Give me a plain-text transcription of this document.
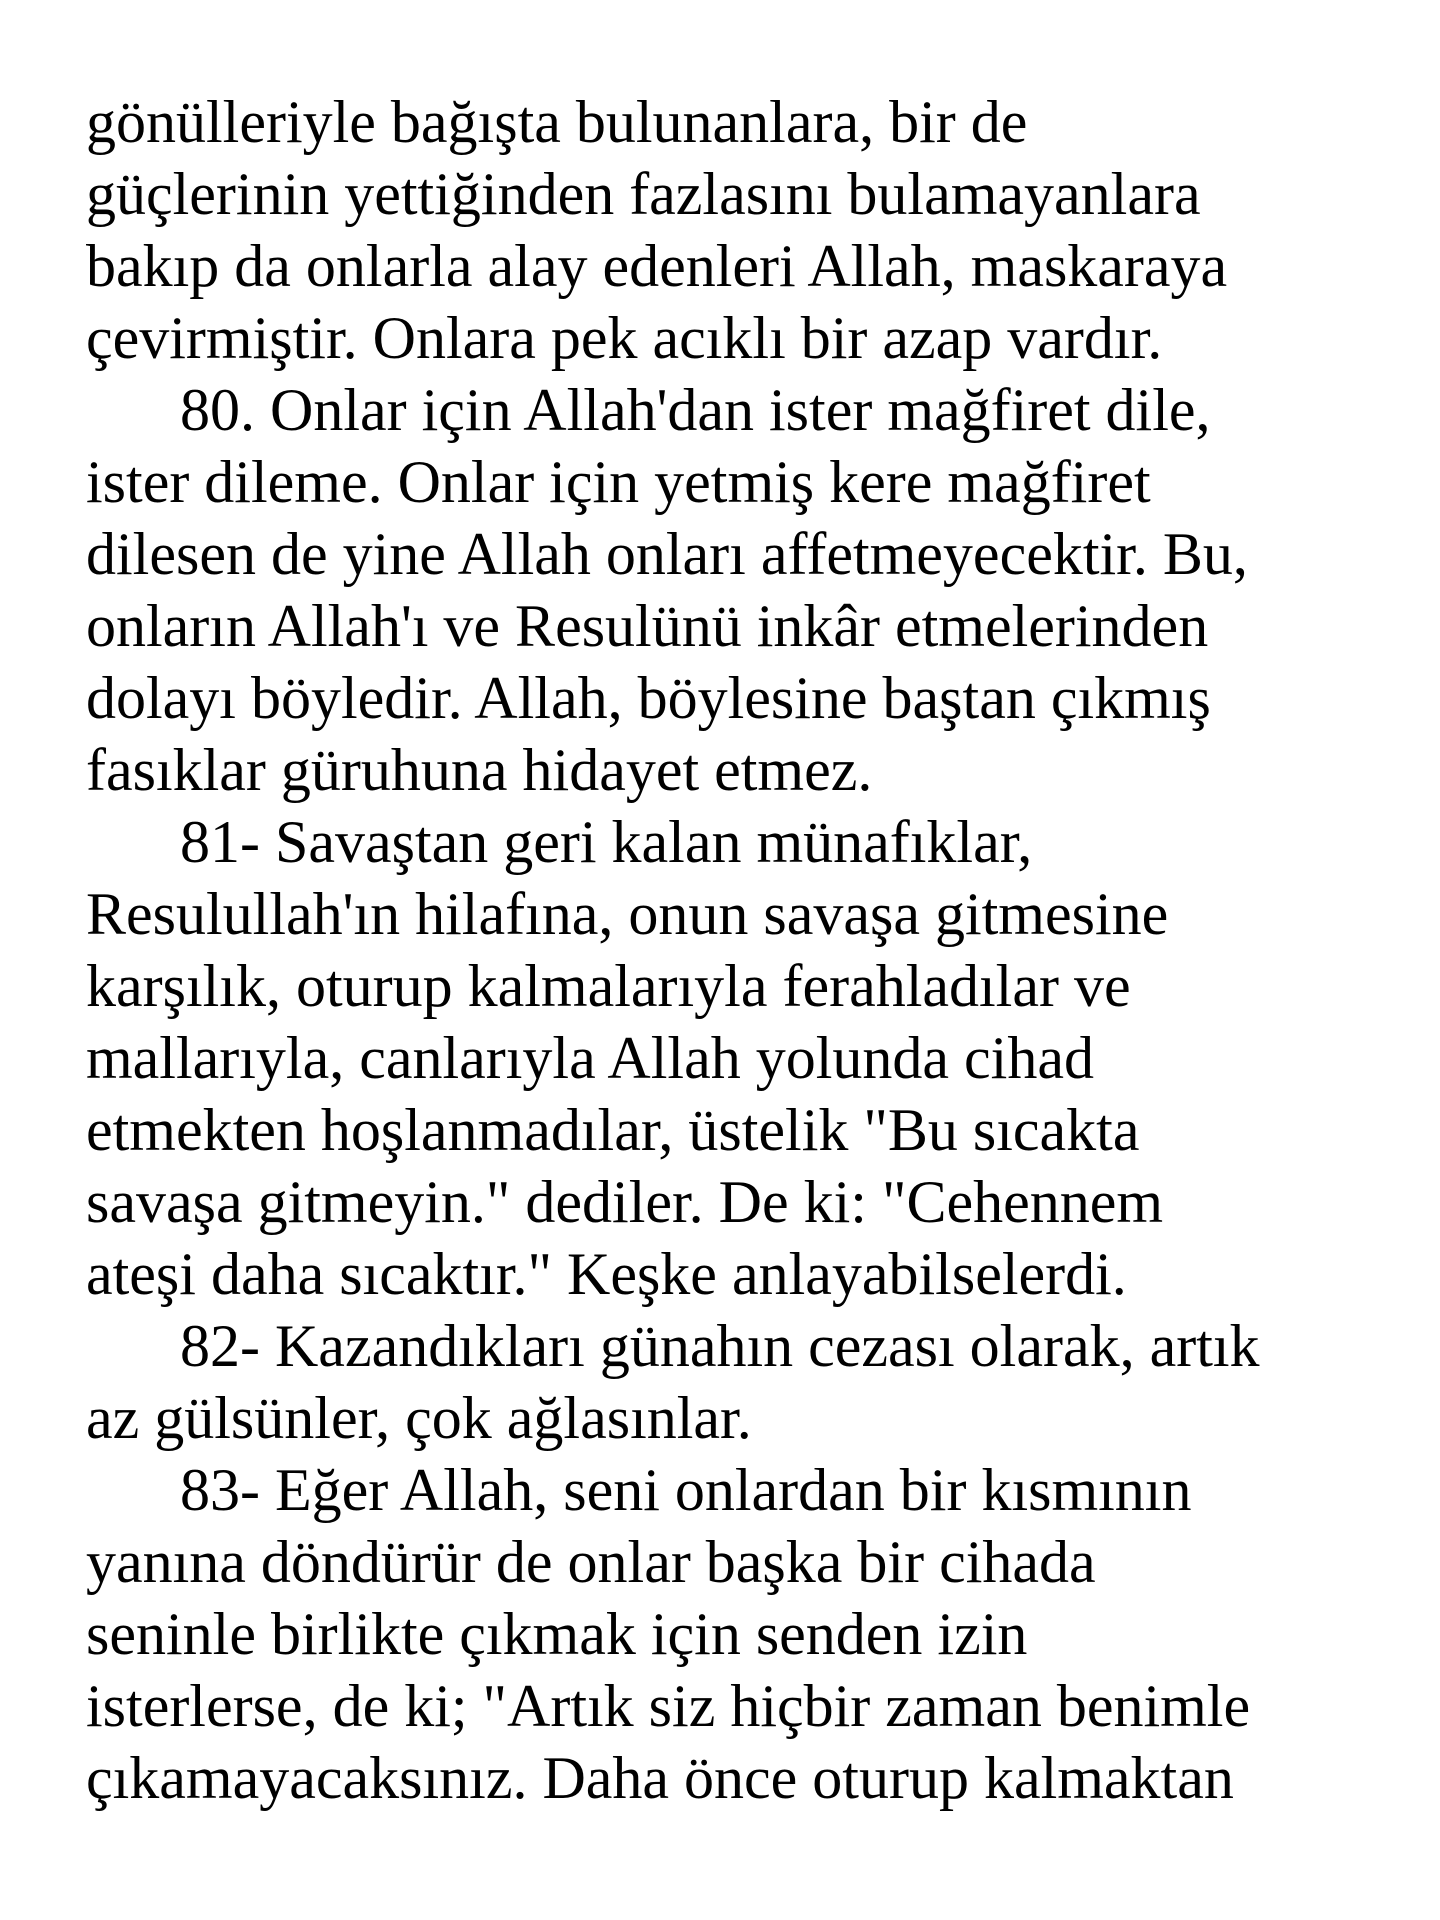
gönülleriyle bağışta bulunanlara, bir de
güçlerinin yettiğinden fazlasını bulamayanlara
bakıp da onlarla alay edenleri Allah, maskaraya
çevirmiştir. Onlara pek acıklı bir azap vardır.
80. Onlar için Allah'dan ister mağfiret dile,
ister dileme. Onlar için yetmiş kere mağfiret
dilesen de yine Allah onları affetmeyecektir. Bu,
onların Allah'ı ve Resulünü inkâr etmelerinden
dolayı böyledir. Allah, böylesine baştan çıkmış
fasıklar güruhuna hidayet etmez.
81- Savaştan geri kalan münafıklar,
Resulullah'ın hilafına, onun savaşa gitmesine
karşılık, oturup kalmalarıyla ferahladılar ve
mallarıyla, canlarıyla Allah yolunda cihad
etmekten hoşlanmadılar, üstelik "Bu sıcakta
savaşa gitmeyin." dediler. De ki: "Cehennem
ateşi daha sıcaktır." Keşke anlayabilselerdi.
82- Kazandıkları günahın cezası olarak, artık
az gülsünler, çok ağlasınlar.
83- Eğer Allah, seni onlardan bir kısmının
yanına döndürür de onlar başka bir cihada
seninle birlikte çıkmak için senden izin
isterlerse, de ki; "Artık siz hiçbir zaman benimle
çıkamayacaksınız. Daha önce oturup kalmaktan
